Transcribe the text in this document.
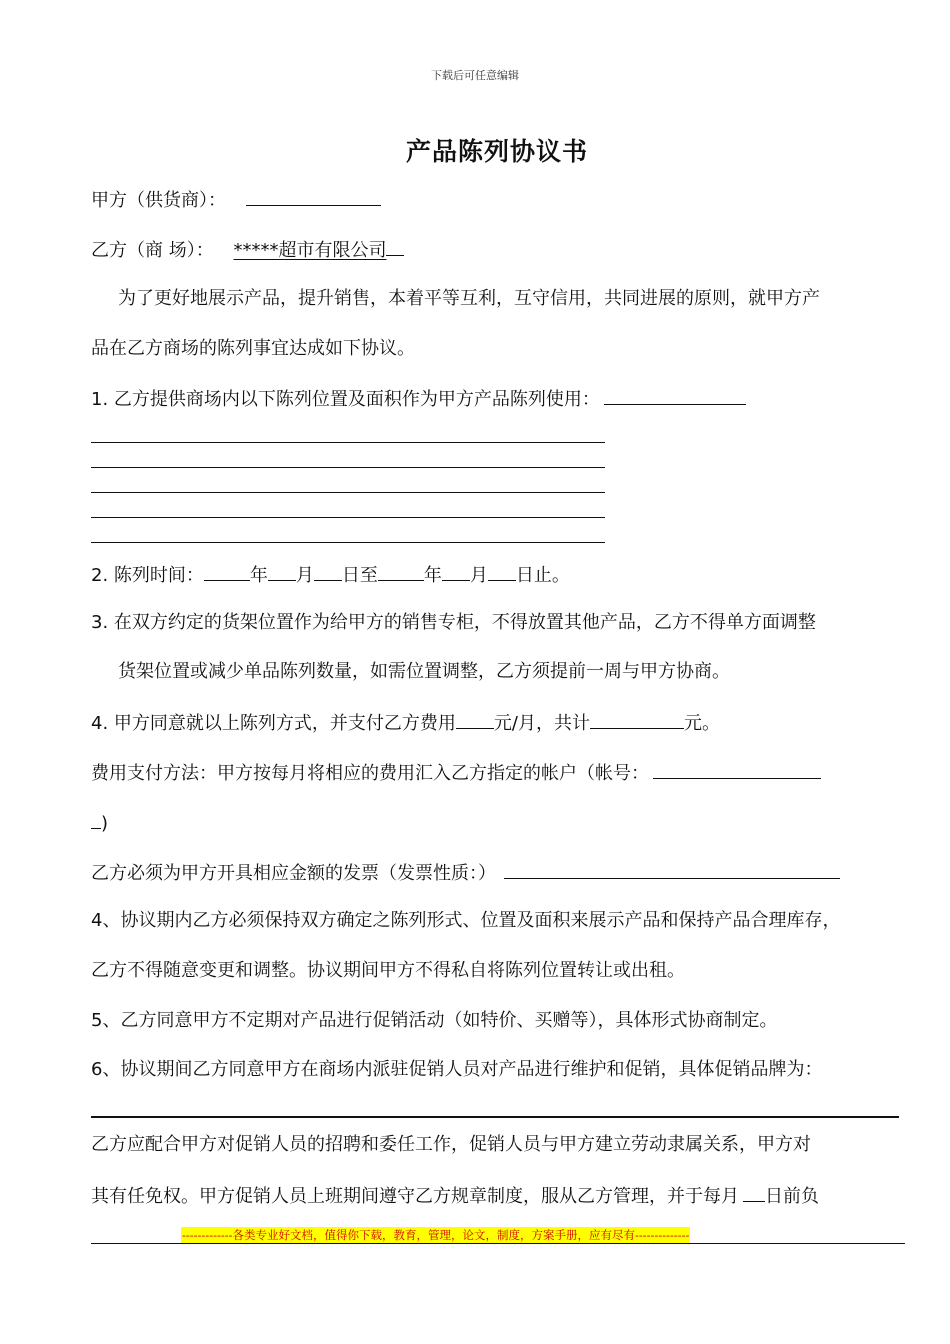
下载后可任意编辑
产品陈列协议书
甲方（供货商）：
乙方（商 场）： *****超市有限公司
为了更好地展示产品，提升销售，本着平等互利，互守信用，共同进展的原则，就甲方产
品在乙方商场的陈列事宜达成如下协议。
1. 乙方提供商场内以下陈列位置及面积作为甲方产品陈列使用：
2. 陈列时间：	年 月 日至	年 月 日止。
3. 在双方约定的货架位置作为给甲方的销售专柜，不得放置其他产品，乙方不得单方面调整
货架位置或减少单品陈列数量，如需位置调整，乙方须提前一周与甲方协商。
4. 甲方同意就以上陈列方式，并支付乙方费用 元/月，共计	元。
费用支付方法：甲方按每月将相应的费用汇入乙方指定的帐户（帐号：
)
乙方必须为甲方开具相应金额的发票（发票性质：）
4、协议期内乙方必须保持双方确定之陈列形式、位置及面积来展示产品和保持产品合理库存，
乙方不得随意变更和调整。协议期间甲方不得私自将陈列位置转让或出租。
5、乙方同意甲方不定期对产品进行促销活动（如特价、买赠等），具体形式协商制定。
6、协议期间乙方同意甲方在商场内派驻促销人员对产品进行维护和促销，具体促销品牌为：
乙方应配合甲方对促销人员的招聘和委任工作，促销人员与甲方建立劳动隶属关系，甲方对
其有任免权。甲方促销人员上班期间遵守乙方规章制度，服从乙方管理，并于每月 日前负
-------------各类专业好文档，值得你下载，教育，管理，论文，制度，方案手册，应有尽有--------------
